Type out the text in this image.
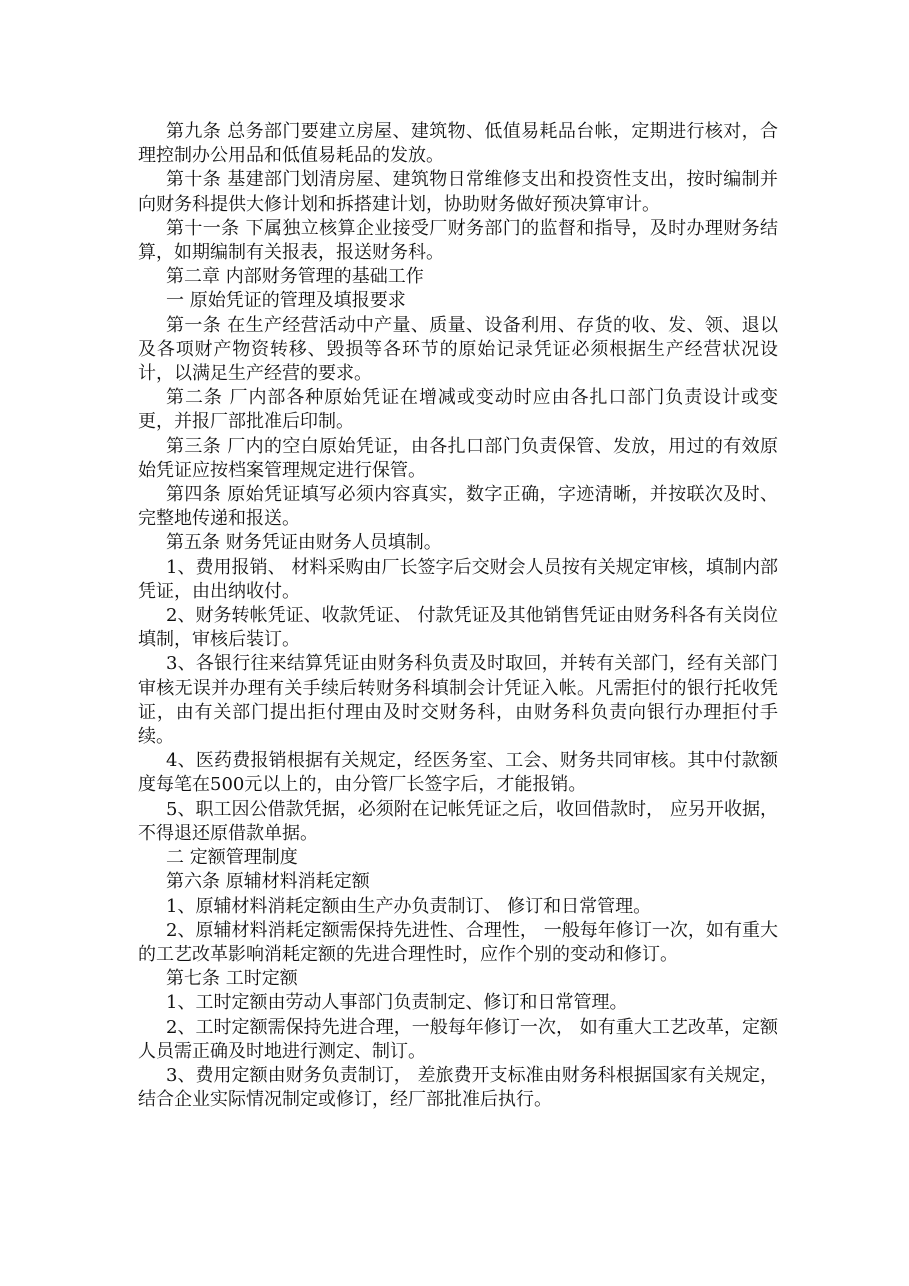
第九条 总务部门要建立房屋、建筑物、低值易耗品台帐，定期进行核对，合理控制办公用品和低值易耗品的发放。

第十条 基建部门划清房屋、建筑物日常维修支出和投资性支出，按时编制并向财务科提供大修计划和拆搭建计划，协助财务做好预决算审计。

第十一条 下属独立核算企业接受厂财务部门的监督和指导，及时办理财务结算，如期编制有关报表，报送财务科。

第二章 内部财务管理的基础工作

一 原始凭证的管理及填报要求

第一条 在生产经营活动中产量、质量、设备利用、存货的收、发、领、退以及各项财产物资转移、毁损等各环节的原始记录凭证必须根据生产经营状况设计，以满足生产经营的要求。

第二条 厂内部各种原始凭证在增减或变动时应由各扎口部门负责设计或变更，并报厂部批准后印制。

第三条 厂内的空白原始凭证，由各扎口部门负责保管、发放，用过的有效原始凭证应按档案管理规定进行保管。

第四条 原始凭证填写必须内容真实，数字正确，字迹清晰，并按联次及时、完整地传递和报送。

第五条 财务凭证由财务人员填制。

1、费用报销、 材料采购由厂长签字后交财会人员按有关规定审核，填制内部凭证，由出纳收付。

2、财务转帐凭证、收款凭证、 付款凭证及其他销售凭证由财务科各有关岗位填制，审核后装订。

3、各银行往来结算凭证由财务科负责及时取回，并转有关部门，经有关部门审核无误并办理有关手续后转财务科填制会计凭证入帐。凡需拒付的银行托收凭证，由有关部门提出拒付理由及时交财务科，由财务科负责向银行办理拒付手续。

4、医药费报销根据有关规定，经医务室、工会、财务共同审核。其中付款额度每笔在500元以上的，由分管厂长签字后，才能报销。

5、职工因公借款凭据，必须附在记帐凭证之后，收回借款时， 应另开收据，不得退还原借款单据。

二 定额管理制度

第六条 原辅材料消耗定额

1、原辅材料消耗定额由生产办负责制订、 修订和日常管理。

2、原辅材料消耗定额需保持先进性、合理性， 一般每年修订一次，如有重大的工艺改革影响消耗定额的先进合理性时，应作个别的变动和修订。

第七条 工时定额

1、工时定额由劳动人事部门负责制定、修订和日常管理。

2、工时定额需保持先进合理，一般每年修订一次， 如有重大工艺改革，定额人员需正确及时地进行测定、制订。

3、费用定额由财务负责制订， 差旅费开支标准由财务科根据国家有关规定，结合企业实际情况制定或修订，经厂部批准后执行。
